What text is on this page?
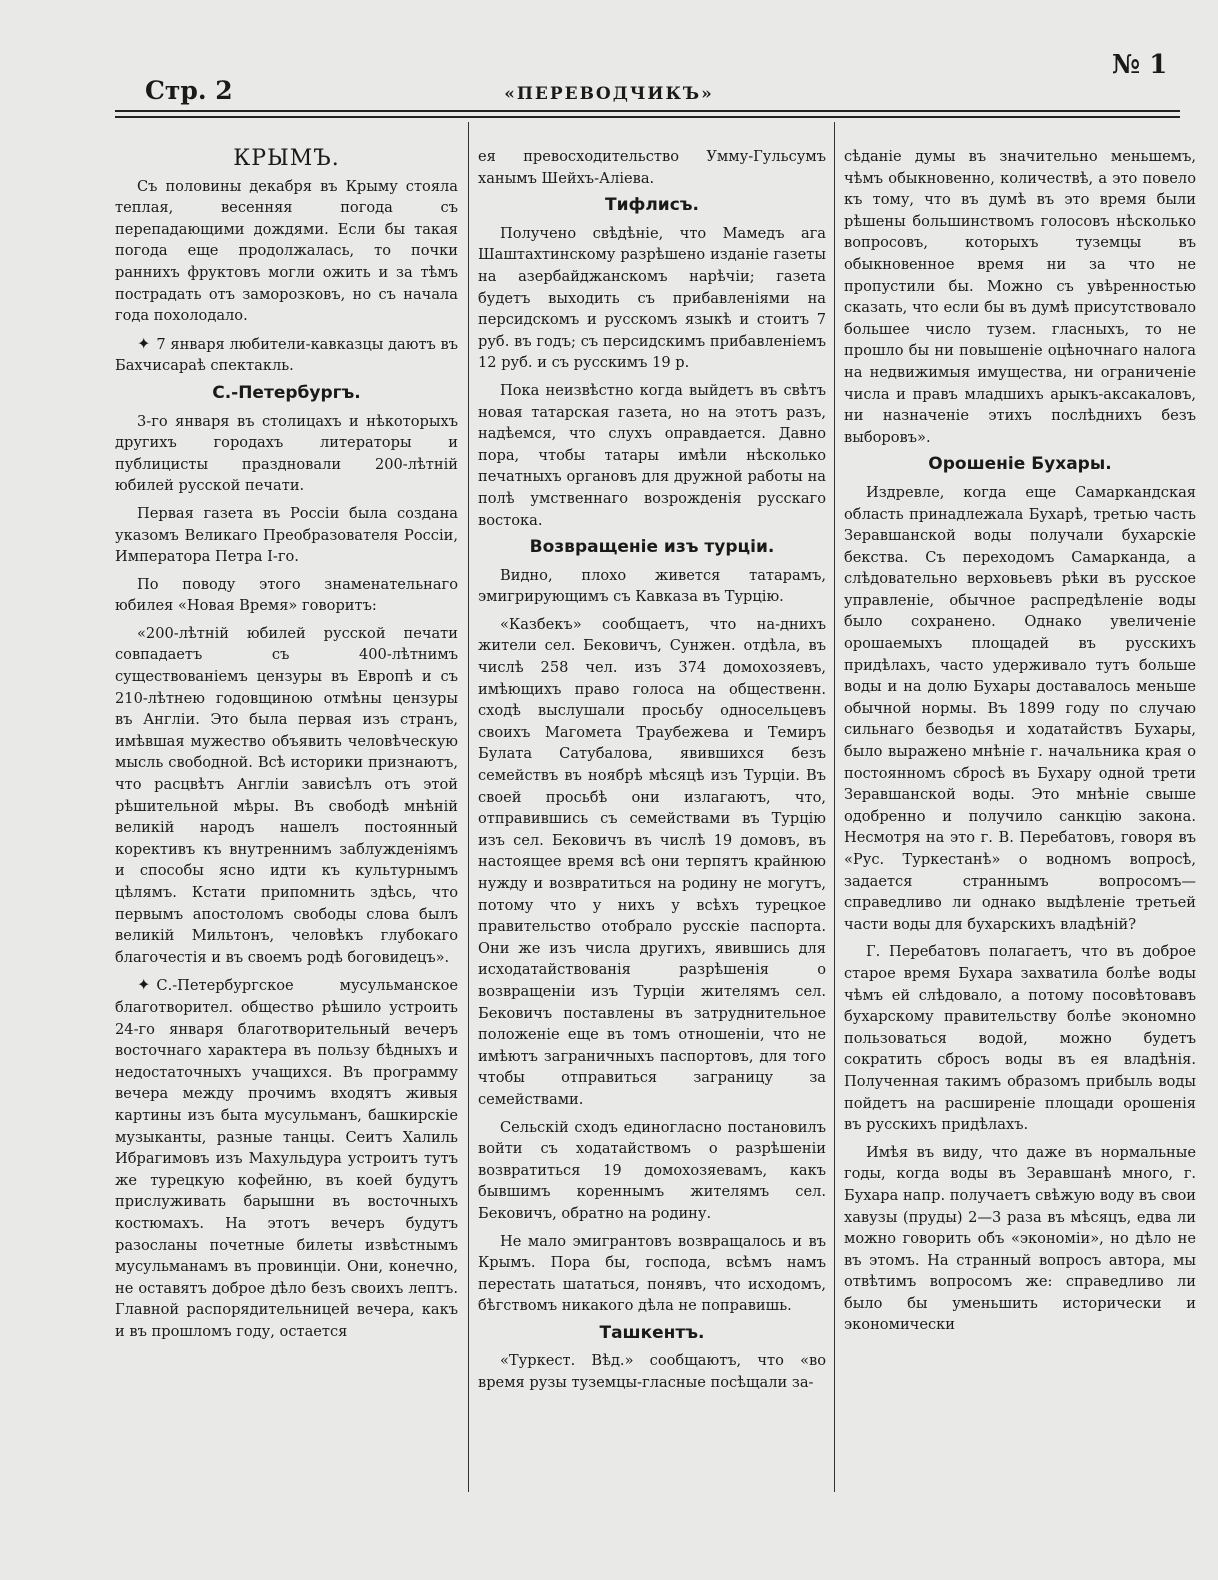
Стр. 2	«ПЕРЕВОДЧИКЪ»
№ 1
КРЫМЪ.

Съ половины декабря въ Крыму стояла теплая, весенняя погода съ перепадающими дождями. Если бы такая погода еще продолжалась, то почки раннихъ фруктовъ могли ожить и за тѣмъ пострадать отъ заморозковъ, но съ начала года похолодало.

✦ 7 января любители-кавказцы даютъ въ Бахчисараѣ спектакль.

С.-Петербургъ.

3-го января въ столицахъ и нѣкоторыхъ другихъ городахъ литераторы и публицисты праздновали 200-лѣтній юбилей русской печати.

Первая газета въ Россіи была создана указомъ Великаго Преобразователя Россіи, Императора Петра І-го.

По поводу этого знаменательнаго юбилея «Новая Время» говоритъ:

«200-лѣтній юбилей русской печати совпадаетъ съ 400-лѣтнимъ существованіемъ цензуры въ Европѣ и съ 210-лѣтнею годовщиною отмѣны цензуры въ Англіи. Это была первая изъ странъ, имѣвшая мужество объявить человѣческую мысль свободной. Всѣ историки признаютъ, что расцвѣтъ Англіи зависѣлъ отъ этой рѣшительной мѣры. Въ свободѣ мнѣній великій народъ нашелъ постоянный корективъ къ внутреннимъ заблужденіямъ и способы ясно идти къ культурнымъ цѣлямъ. Кстати припомнить здѣсь, что первымъ апостоломъ свободы слова былъ великій Мильтонъ, человѣкъ глубокаго благочестія и въ своемъ родѣ боговидецъ».

✦ С.-Петербургское мусульманское благотворител. общество рѣшило устроить 24-го января благотворительный вечеръ восточнаго характера въ пользу бѣдныхъ и недостаточныхъ учащихся. Въ программу вечера между прочимъ входятъ живыя картины изъ быта мусульманъ, башкирскіе музыканты, разные танцы. Сеитъ Халиль Ибрагимовъ изъ Махульдура устроитъ тутъ же турецкую кофейню, въ коей будутъ прислуживать барышни въ восточныхъ костюмахъ. На этотъ вечеръ будутъ разосланы почетные билеты извѣстнымъ мусульманамъ въ провинціи. Они, конечно, не оставятъ доброе дѣло безъ своихъ лептъ. Главной распорядительницей вечера, какъ и въ прошломъ году, остается

ея превосходительство Умму-Гульсумъ ханымъ Шейхъ-Аліева.

Тифлисъ.

Получено свѣдѣніе, что Мамедъ ага Шаштахтинскому разрѣшено изданіе газеты на азербайджанскомъ нарѣчіи; газета будетъ выходить съ прибавленіями на персидскомъ и русскомъ языкѣ и стоитъ 7 руб. въ годъ; съ персидскимъ прибавленіемъ 12 руб. и съ русскимъ 19 р.

Пока неизвѣстно когда выйдетъ въ свѣтъ новая татарская газета, но на этотъ разъ, надѣемся, что слухъ оправдается. Давно пора, чтобы татары имѣли нѣсколько печатныхъ органовъ для дружной работы на полѣ умственнаго возрожденія русскаго востока.

Возвращеніе изъ турціи.

Видно, плохо живется татарамъ, эмигрирующимъ съ Кавказа въ Турцію.

«Казбекъ» сообщаетъ, что на-днихъ жители сел. Бековичъ, Сунжен. отдѣла, въ числѣ 258 чел. изъ 374 домохозяевъ, имѣющихъ право голоса на общественн. сходѣ выслушали просьбу односельцевъ своихъ Магомета Траубежева и Темиръ Булата Сатубалова, явившихся безъ семействъ въ ноябрѣ мѣсяцѣ изъ Турціи. Въ своей просьбѣ они излагаютъ, что, отправившись съ семействами въ Турцію изъ сел. Бековичъ въ числѣ 19 домовъ, въ настоящее время всѣ они терпятъ крайнюю нужду и возвратиться на родину не могутъ, потому что у нихъ у всѣхъ турецкое правительство отобрало русскіе паспорта. Они же изъ числа другихъ, явившись для исходатайствованія разрѣшенія о возвращеніи изъ Турціи жителямъ сел. Бековичъ поставлены въ затруднительное положеніе еще въ томъ отношеніи, что не имѣютъ заграничныхъ паспортовъ, для того чтобы отправиться заграницу за семействами.

Сельскій сходъ единогласно постановилъ войти съ ходатайствомъ о разрѣшеніи возвратиться 19 домохозяевамъ, какъ бывшимъ кореннымъ жителямъ сел. Бековичъ, обратно на родину.

Не мало эмигрантовъ возвращалось и въ Крымъ. Пора бы, господа, всѣмъ намъ перестать шататься, понявъ, что исходомъ, бѣгствомъ никакого дѣла не поправишь.

Ташкентъ.

«Туркест. Вѣд.» сообщаютъ, что «во время рузы туземцы-гласные посѣщали за-

сѣданіе думы въ значительно меньшемъ, чѣмъ обыкновенно, количествѣ, а это повело къ тому, что въ думѣ въ это время были рѣшены большинствомъ голосовъ нѣсколько вопросовъ, которыхъ туземцы въ обыкновенное время ни за что не пропустили бы. Можно съ увѣренностью сказать, что если бы въ думѣ присутствовало большее число тузем. гласныхъ, то не прошло бы ни повышеніе оцѣночнаго налога на недвижимыя имущества, ни ограниченіе числа и правъ младшихъ арыкъ-аксакаловъ, ни назначеніе этихъ послѣднихъ безъ выборовъ».

Орошеніе Бухары.

Издревле, когда еще Самаркандская область принадлежала Бухарѣ, третью часть Зеравшанской воды получали бухарскіе бекства. Съ переходомъ Самарканда, а слѣдовательно верховьевъ рѣки въ русское управленіе, обычное распредѣленіе воды было сохранено. Однако увеличеніе орошаемыхъ площадей въ русскихъ придѣлахъ, часто удерживало тутъ больше воды и на долю Бухары доставалось меньше обычной нормы. Въ 1899 году по случаю сильнаго безводья и ходатайствъ Бухары, было выражено мнѣніе г. начальника края о постоянномъ сбросѣ въ Бухару одной трети Зеравшанской воды. Это мнѣніе свыше одобренно и получило санкцію закона. Несмотря на это г. В. Перебатовъ, говоря въ «Рус. Туркестанѣ» о водномъ вопросѣ, задается страннымъ вопросомъ—справедливо ли однако выдѣленіе третьей части воды для бухарскихъ владѣній?

Г. Перебатовъ полагаетъ, что въ доброе старое время Бухара захватила болѣе воды чѣмъ ей слѣдовало, а потому посовѣтовавъ бухарскому правительству болѣе экономно пользоваться водой, можно будетъ сократить сбросъ воды въ ея владѣнія. Полученная такимъ образомъ прибыль воды пойдетъ на расширеніе площади орошенія въ русскихъ придѣлахъ.

Имѣя въ виду, что даже въ нормальные годы, когда воды въ Зеравшанѣ много, г. Бухара напр. получаетъ свѣжую воду въ свои хавузы (пруды) 2—3 раза въ мѣсяцъ, едва ли можно говорить объ «экономіи», но дѣло не въ этомъ. На странный вопросъ автора, мы отвѣтимъ вопросомъ же: справедливо ли было бы уменьшить исторически и экономически
